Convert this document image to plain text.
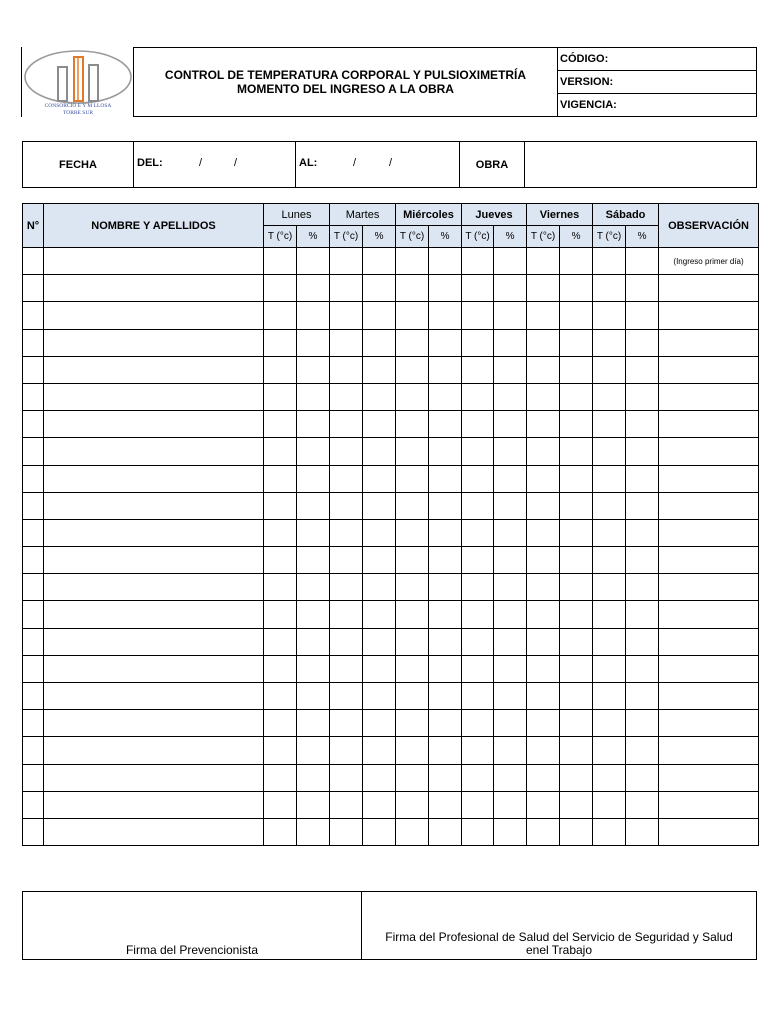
CONSORCIO E Y M LLOSA
TORRE SUR
CONTROL DE TEMPERATURA CORPORAL Y PULSIOXIMETRÍA
MOMENTO DEL INGRESO A LA OBRA
CÓDIGO:
VERSION:
VIGENCIA:
FECHA	DEL:	/	/	AL:	/	/	OBRA
N°	NOMBRE Y APELLIDOS	Lunes		Martes		Miércoles		Jueves		Viernes		Sábado		OBSERVACIÓN
		T (°c)	%	T (°c)	%	T (°c)	%	T (°c)	%	T (°c)	%	T (°c)	%	
														(Ingreso primer día)

Firma del Prevencionista
Firma del Profesional de Salud del Servicio de Seguridad y Salud
enel Trabajo
